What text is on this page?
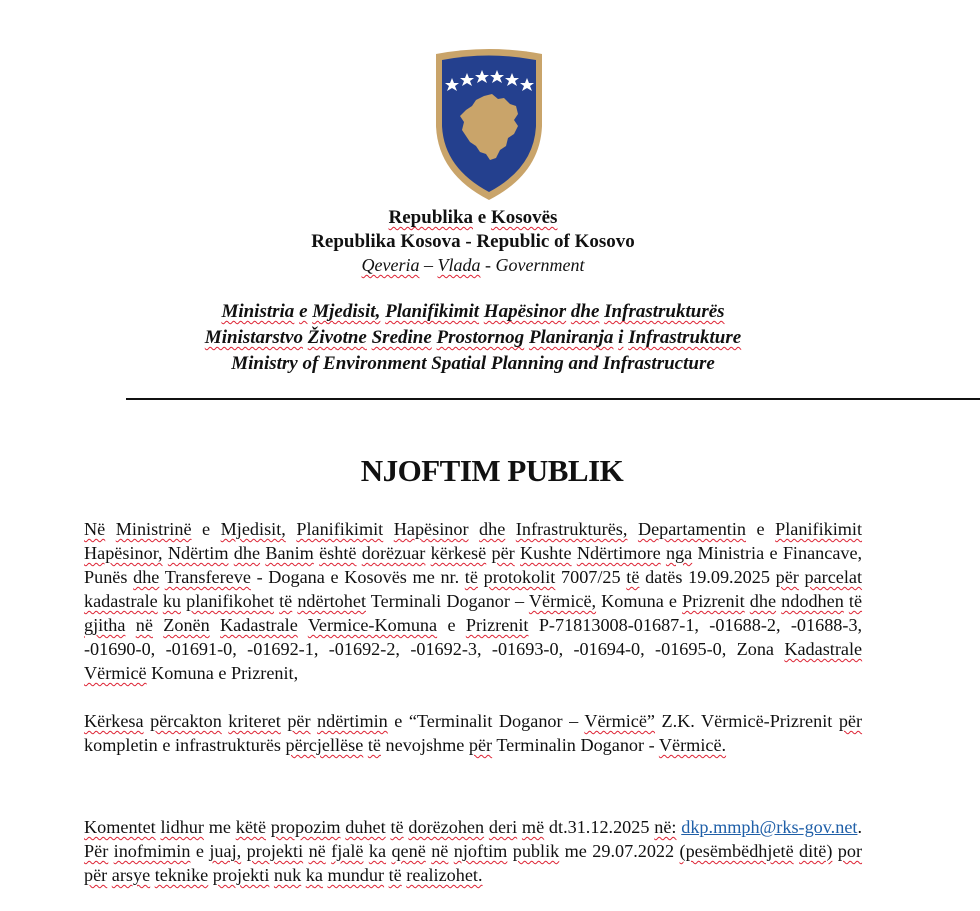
Republika e Kosovës
Republika Kosova - Republic of Kosovo
Qeveria – Vlada - Government
Ministria e Mjedisit, Planifikimit Hapësinor dhe Infrastrukturës
Ministarstvo Životne Sredine Prostornog Planiranja i Infrastrukture
Ministry of Environment Spatial Planning and Infrastructure
NJOFTIM PUBLIK
Në Ministrinë e Mjedisit, Planifikimit Hapësinor dhe Infrastrukturës, Departamentin e Planifikimit Hapësinor, Ndërtim dhe Banim është dorëzuar kërkesë për Kushte Ndërtimore nga Ministria e Financave, Punës dhe Transfereve - Dogana e Kosovës me nr. të protokolit 7007/25 të datës 19.09.2025 për parcelat kadastrale ku planifikohet të ndërtohet Terminali Doganor – Vërmicë, Komuna e Prizrenit dhe ndodhen të gjitha në Zonën Kadastrale Vermice-Komuna e Prizrenit P-71813008-01687-1, -01688-2, -01688-3, -01690-0, -01691-0, -01692-1, -01692-2, -01692-3, -01693-0, -01694-0, -01695-0, Zona Kadastrale Vërmicë Komuna e Prizrenit,
Kërkesa përcakton kriteret për ndërtimin e “Terminalit Doganor – Vërmicë” Z.K. Vërmicë-Prizrenit për kompletin e infrastrukturës përcjellëse të nevojshme për Terminalin Doganor - Vërmicë.
Komentet lidhur me këtë propozim duhet të dorëzohen deri më dt.31.12.2025 në: dkp.mmph@rks-gov.net. Për inofmimin e juaj, projekti në fjalë ka qenë në njoftim publik me 29.07.2022 (pesëmbëdhjetë ditë) por për arsye teknike projekti nuk ka mundur të realizohet.
